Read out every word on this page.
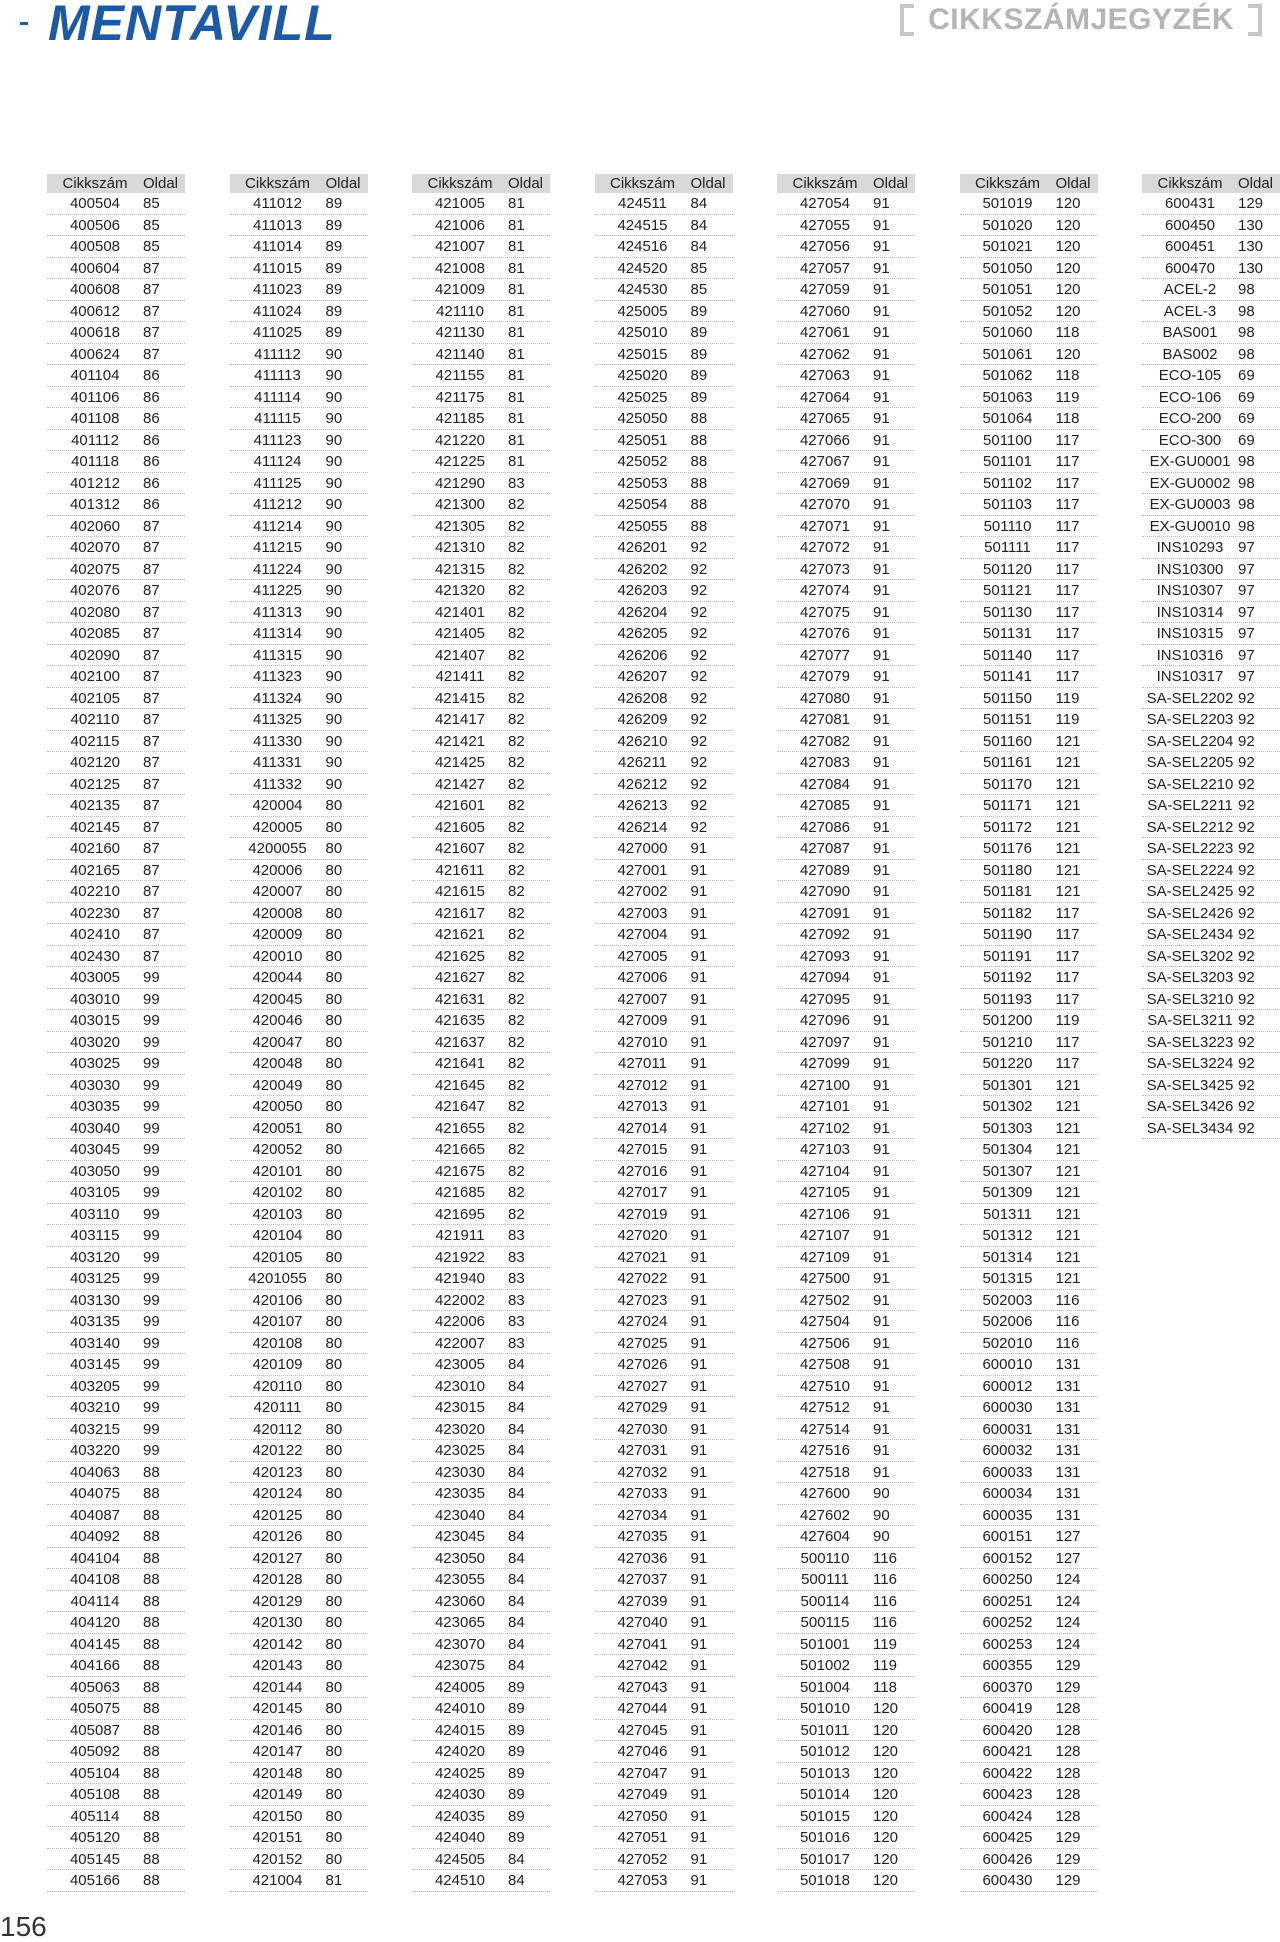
MENTAVILL	CIKKSZÁMJEGYZÉK
Cikkszám	Oldal
400504	85
400506	85
400508	85
400604	87
400608	87
400612	87
400618	87
400624	87
401104	86
401106	86
401108	86
401112	86
401118	86
401212	86
401312	86
402060	87
402070	87
402075	87
402076	87
402080	87
402085	87
402090	87
402100	87
402105	87
402110	87
402115	87
402120	87
402125	87
402135	87
402145	87
402160	87
402165	87
402210	87
402230	87
402410	87
402430	87
403005	99
403010	99
403015	99
403020	99
403025	99
403030	99
403035	99
403040	99
403045	99
403050	99
403105	99
403110	99
403115	99
403120	99
403125	99
403130	99
403135	99
403140	99
403145	99
403205	99
403210	99
403215	99
403220	99
404063	88
404075	88
404087	88
404092	88
404104	88
404108	88
404114	88
404120	88
404145	88
404166	88
405063	88
405075	88
405087	88
405092	88
405104	88
405108	88
405114	88
405120	88
405145	88
405166	88
Cikkszám	Oldal
411012	89
411013	89
411014	89
411015	89
411023	89
411024	89
411025	89
411112	90
411113	90
411114	90
411115	90
411123	90
411124	90
411125	90
411212	90
411214	90
411215	90
411224	90
411225	90
411313	90
411314	90
411315	90
411323	90
411324	90
411325	90
411330	90
411331	90
411332	90
420004	80
420005	80
4200055	80
420006	80
420007	80
420008	80
420009	80
420010	80
420044	80
420045	80
420046	80
420047	80
420048	80
420049	80
420050	80
420051	80
420052	80
420101	80
420102	80
420103	80
420104	80
420105	80
4201055	80
420106	80
420107	80
420108	80
420109	80
420110	80
420111	80
420112	80
420122	80
420123	80
420124	80
420125	80
420126	80
420127	80
420128	80
420129	80
420130	80
420142	80
420143	80
420144	80
420145	80
420146	80
420147	80
420148	80
420149	80
420150	80
420151	80
420152	80
421004	81
Cikkszám	Oldal
421005	81
421006	81
421007	81
421008	81
421009	81
421110	81
421130	81
421140	81
421155	81
421175	81
421185	81
421220	81
421225	81
421290	83
421300	82
421305	82
421310	82
421315	82
421320	82
421401	82
421405	82
421407	82
421411	82
421415	82
421417	82
421421	82
421425	82
421427	82
421601	82
421605	82
421607	82
421611	82
421615	82
421617	82
421621	82
421625	82
421627	82
421631	82
421635	82
421637	82
421641	82
421645	82
421647	82
421655	82
421665	82
421675	82
421685	82
421695	82
421911	83
421922	83
421940	83
422002	83
422006	83
422007	83
423005	84
423010	84
423015	84
423020	84
423025	84
423030	84
423035	84
423040	84
423045	84
423050	84
423055	84
423060	84
423065	84
423070	84
423075	84
424005	89
424010	89
424015	89
424020	89
424025	89
424030	89
424035	89
424040	89
424505	84
424510	84
Cikkszám	Oldal
424511	84
424515	84
424516	84
424520	85
424530	85
425005	89
425010	89
425015	89
425020	89
425025	89
425050	88
425051	88
425052	88
425053	88
425054	88
425055	88
426201	92
426202	92
426203	92
426204	92
426205	92
426206	92
426207	92
426208	92
426209	92
426210	92
426211	92
426212	92
426213	92
426214	92
427000	91
427001	91
427002	91
427003	91
427004	91
427005	91
427006	91
427007	91
427009	91
427010	91
427011	91
427012	91
427013	91
427014	91
427015	91
427016	91
427017	91
427019	91
427020	91
427021	91
427022	91
427023	91
427024	91
427025	91
427026	91
427027	91
427029	91
427030	91
427031	91
427032	91
427033	91
427034	91
427035	91
427036	91
427037	91
427039	91
427040	91
427041	91
427042	91
427043	91
427044	91
427045	91
427046	91
427047	91
427049	91
427050	91
427051	91
427052	91
427053	91
Cikkszám	Oldal
427054	91
427055	91
427056	91
427057	91
427059	91
427060	91
427061	91
427062	91
427063	91
427064	91
427065	91
427066	91
427067	91
427069	91
427070	91
427071	91
427072	91
427073	91
427074	91
427075	91
427076	91
427077	91
427079	91
427080	91
427081	91
427082	91
427083	91
427084	91
427085	91
427086	91
427087	91
427089	91
427090	91
427091	91
427092	91
427093	91
427094	91
427095	91
427096	91
427097	91
427099	91
427100	91
427101	91
427102	91
427103	91
427104	91
427105	91
427106	91
427107	91
427109	91
427500	91
427502	91
427504	91
427506	91
427508	91
427510	91
427512	91
427514	91
427516	91
427518	91
427600	90
427602	90
427604	90
500110	116
500111	116
500114	116
500115	116
501001	119
501002	119
501004	118
501010	120
501011	120
501012	120
501013	120
501014	120
501015	120
501016	120
501017	120
501018	120
Cikkszám	Oldal
501019	120
501020	120
501021	120
501050	120
501051	120
501052	120
501060	118
501061	120
501062	118
501063	119
501064	118
501100	117
501101	117
501102	117
501103	117
501110	117
501111	117
501120	117
501121	117
501130	117
501131	117
501140	117
501141	117
501150	119
501151	119
501160	121
501161	121
501170	121
501171	121
501172	121
501176	121
501180	121
501181	121
501182	117
501190	117
501191	117
501192	117
501193	117
501200	119
501210	117
501220	117
501301	121
501302	121
501303	121
501304	121
501307	121
501309	121
501311	121
501312	121
501314	121
501315	121
502003	116
502006	116
502010	116
600010	131
600012	131
600030	131
600031	131
600032	131
600033	131
600034	131
600035	131
600151	127
600152	127
600250	124
600251	124
600252	124
600253	124
600355	129
600370	129
600419	128
600420	128
600421	128
600422	128
600423	128
600424	128
600425	129
600426	129
600430	129
Cikkszám	Oldal
600431	129
600450	130
600451	130
600470	130
ACEL-2	98
ACEL-3	98
BAS001	98
BAS002	98
ECO-105	69
ECO-106	69
ECO-200	69
ECO-300	69
EX-GU0001 98
EX-GU0002 98
EX-GU0003 98
EX-GU0010 98
INS10293 97
INS10300 97
INS10307 97
INS10314 97
INS10315 97
INS10316 97
INS10317 97
SA-SEL2202 92
SA-SEL2203 92
SA-SEL2204 92
SA-SEL2205 92
SA-SEL2210 92
SA-SEL2211 92
SA-SEL2212 92
SA-SEL2223 92
SA-SEL2224 92
SA-SEL2425 92
SA-SEL2426 92
SA-SEL2434 92
SA-SEL3202 92
SA-SEL3203 92
SA-SEL3210 92
SA-SEL3211 92
SA-SEL3223 92
SA-SEL3224 92
SA-SEL3425 92
SA-SEL3426 92
SA-SEL3434 92
156
